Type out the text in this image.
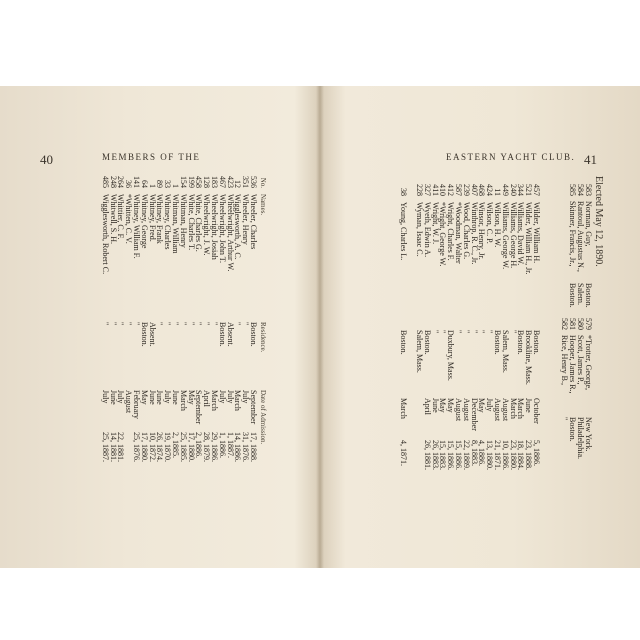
40	MEMBERS OF THE
No.
Names.
Residence.
Date of Admission.
536
Wheeler, Charles
Boston.
September
17, 1888.
351
Wheeler, Henry
"
July
31, 1876.
12
Wigglesworth, A. C.
"
March
14, 1886.
423
Wheelwright, Arthur W.
Absent.
July
1, 1887.
467
Wheelwright, John T.
Boston.
July
1, 1886.
183
Wheelwright, Josiah
"
March
29, 1886.
128
Wheelwright, J. W.
"
April
28, 1879.
458
White, Charles G.
"
September
2, 1886.
199
White, Charles T.
"
May
17, 1880.
154
Whitman, Henry
"
March
25, 1885.
1
Whitman, William
"
June
2, 1885.
33
Whitney, Charles
"
July
19, 1870.
89
Whitney, Frank
"
June
26, 1874.
1
Whitney, Fred.
Absent.
June
10, 1872.
64
Whitney, George
Boston.
May
17, 1880.
141
Whitney, William F.
"
February
25, 1876.
36
*Whitten, C. V.
"
August
264
Whittier, C. F.
"
July
22, 1881.
248
Whitwell, S. H.
"
June
14, 1881.
485
Wigglesworth, Robert C.
"
July
25, 1887.
EASTERN YACHT CLUB. 41
457
Wilder, William H.
Boston.
October
5, 1886.
521
Wilder, William H., Jr.
Brookline, Mass.
June
23, 1888.
344
Williams, David W.
Boston.
March
18, 1884.
240
Williams, George H.
"
March
23, 1880.
449
Williams, George W.
Salem, Mass.
August
10, 1886.
11
Wilson, H. W.
Boston.
August
21, 1871.
424
Wilson, C. P.
"
July
13, 1880.
468
Winsor, Henry, Jr.
"
May
4, 1886.
407
Winthrop, R. C., Jr.
"
December
8, 1883.
239
Wood, Charles G.
"
August
22, 1889.
587
*Woodman, Walter
"
August
15, 1886.
412
Wright, Charles F.
Duxbury, Mass.
May
15, 1886.
410
*Wright, George W.
"
May
15, 1883.
411
Wright, W. J.
"
June
26, 1883.
327
Wyeth, Edwin A.
Boston.
April
26, 1881.
228
Wyman, Isaac C.
Salem, Mass.
38
Young, Charles L.
Boston.
March
4, 1871.
Elected May 12, 1890.
579
*Trotter, George,
New York.
580
Scott, James P.,
Philadelphia.
581
Hooper, James R.,
Boston.
582
Rice, Henry B.,
"
583
Norman, Guy,
Boston.
584
Rantoul, Augustus N.,
Salem.
585
Skinner, Francis, Jr.,
Boston.
